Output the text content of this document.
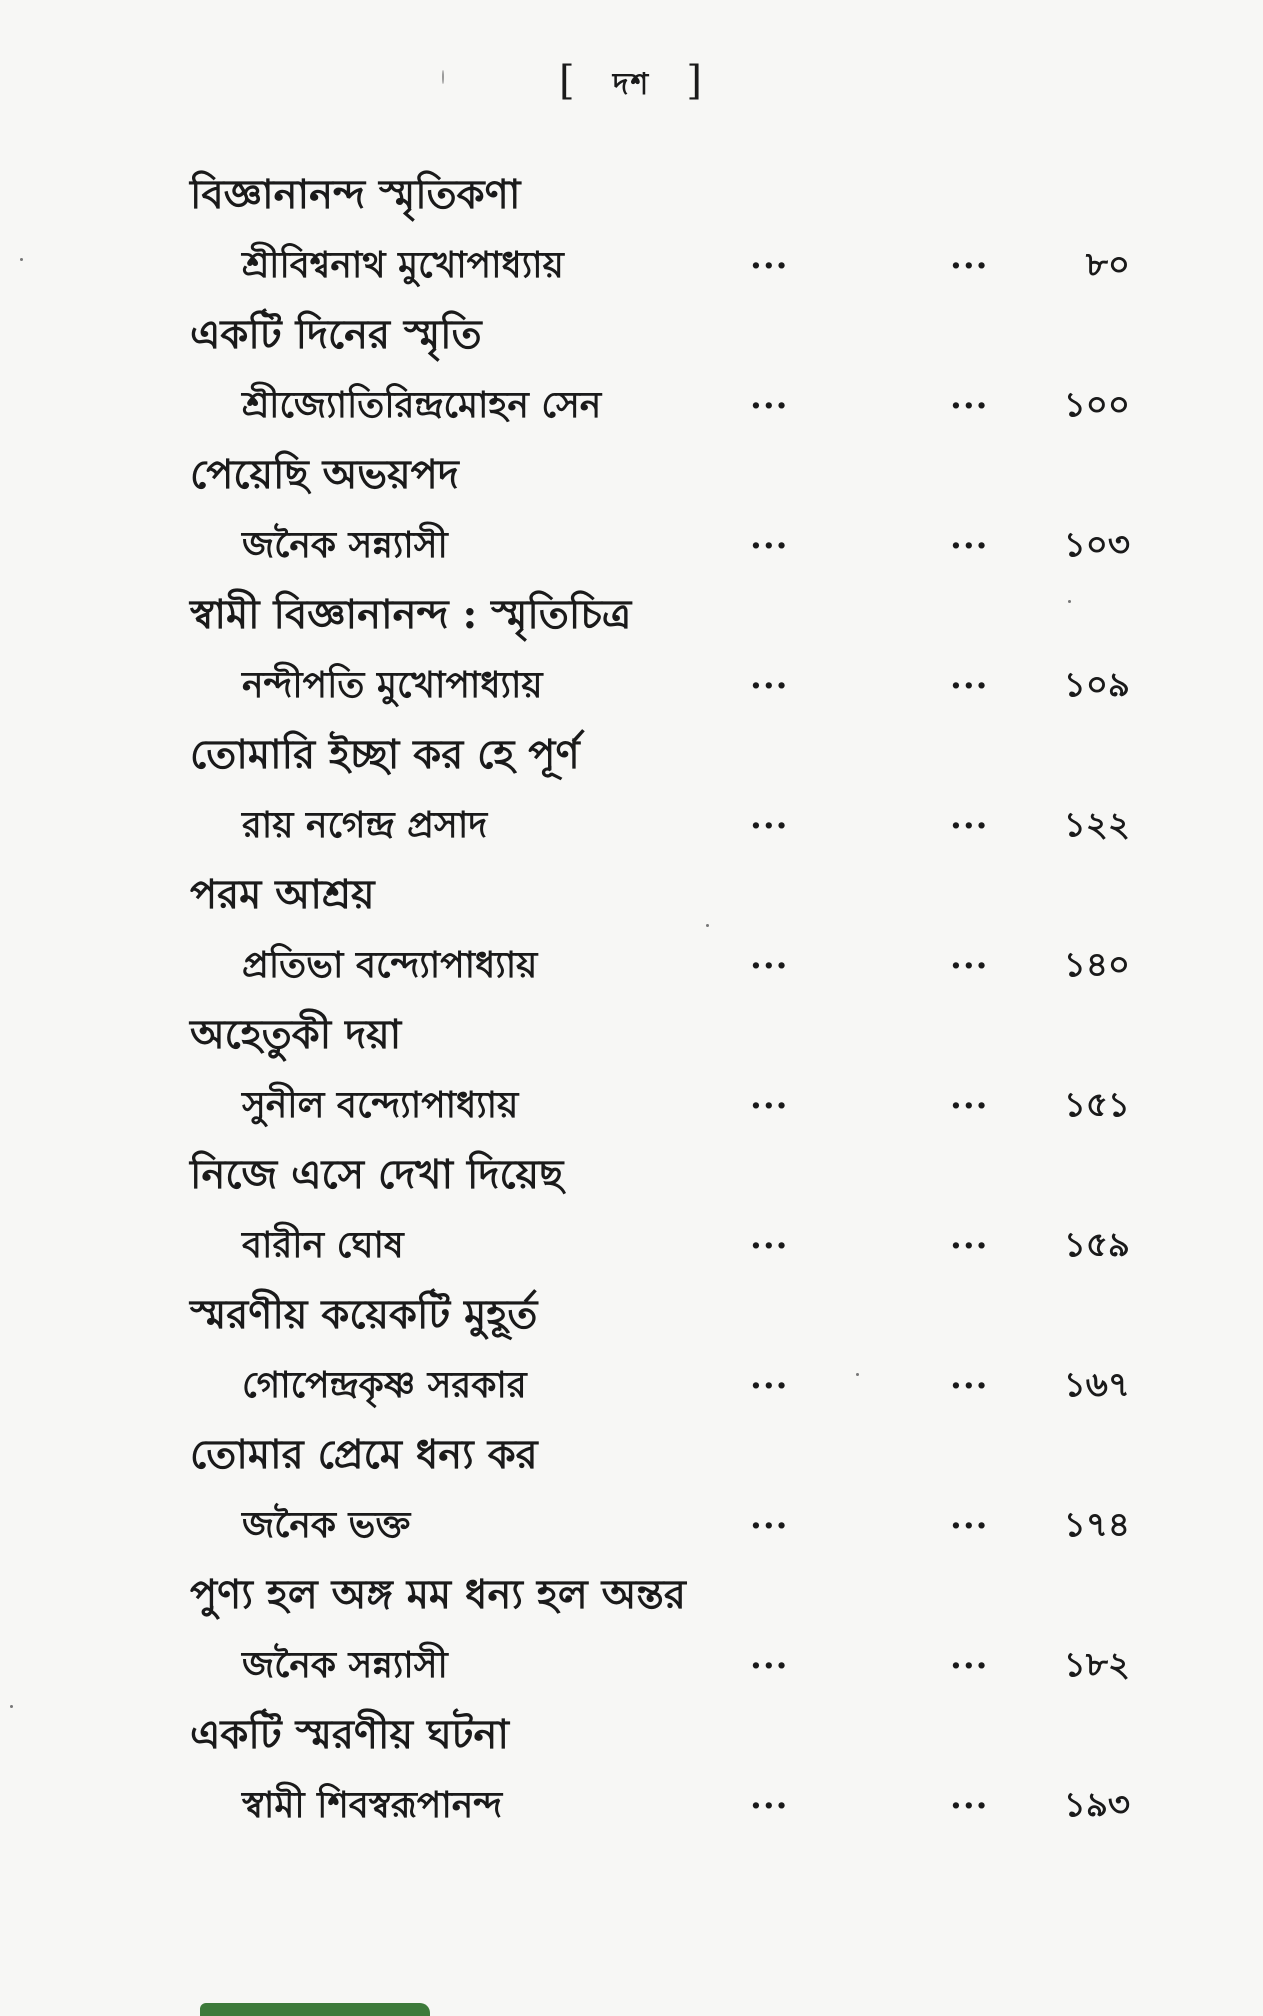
[ দশ ]
বিজ্ঞানানন্দ স্মৃতিকণা
শ্রীবিশ্বনাথ মুখোপাধ্যায়	...	...	৮০
একটি দিনের স্মৃতি
শ্রীজ্যোতিরিন্দ্রমোহন সেন	...	...	১০০
পেয়েছি অভয়পদ
জনৈক সন্ন্যাসী	...	...	১০৩
স্বামী বিজ্ঞানানন্দ : স্মৃতিচিত্র
নন্দীপতি মুখোপাধ্যায়	...	...	১০৯
তোমারি ইচ্ছা কর হে পূর্ণ
রায় নগেন্দ্র প্রসাদ	...	...	১২২
পরম আশ্রয়
প্রতিভা বন্দ্যোপাধ্যায়	...	...	১৪০
অহেতুকী দয়া
সুনীল বন্দ্যোপাধ্যায়	...	...	১৫১
নিজে এসে দেখা দিয়েছ
বারীন ঘোষ	...	...	১৫৯
স্মরণীয় কয়েকটি মুহূর্ত
গোপেন্দ্রকৃষ্ণ সরকার	...	...	১৬৭
তোমার প্রেমে ধন্য কর
জনৈক ভক্ত	...	...	১৭৪
পুণ্য হল অঙ্গ মম ধন্য হল অন্তর
জনৈক সন্ন্যাসী	...	...	১৮২
একটি স্মরণীয় ঘটনা
স্বামী শিবস্বরূপানন্দ	...	...	১৯৩
